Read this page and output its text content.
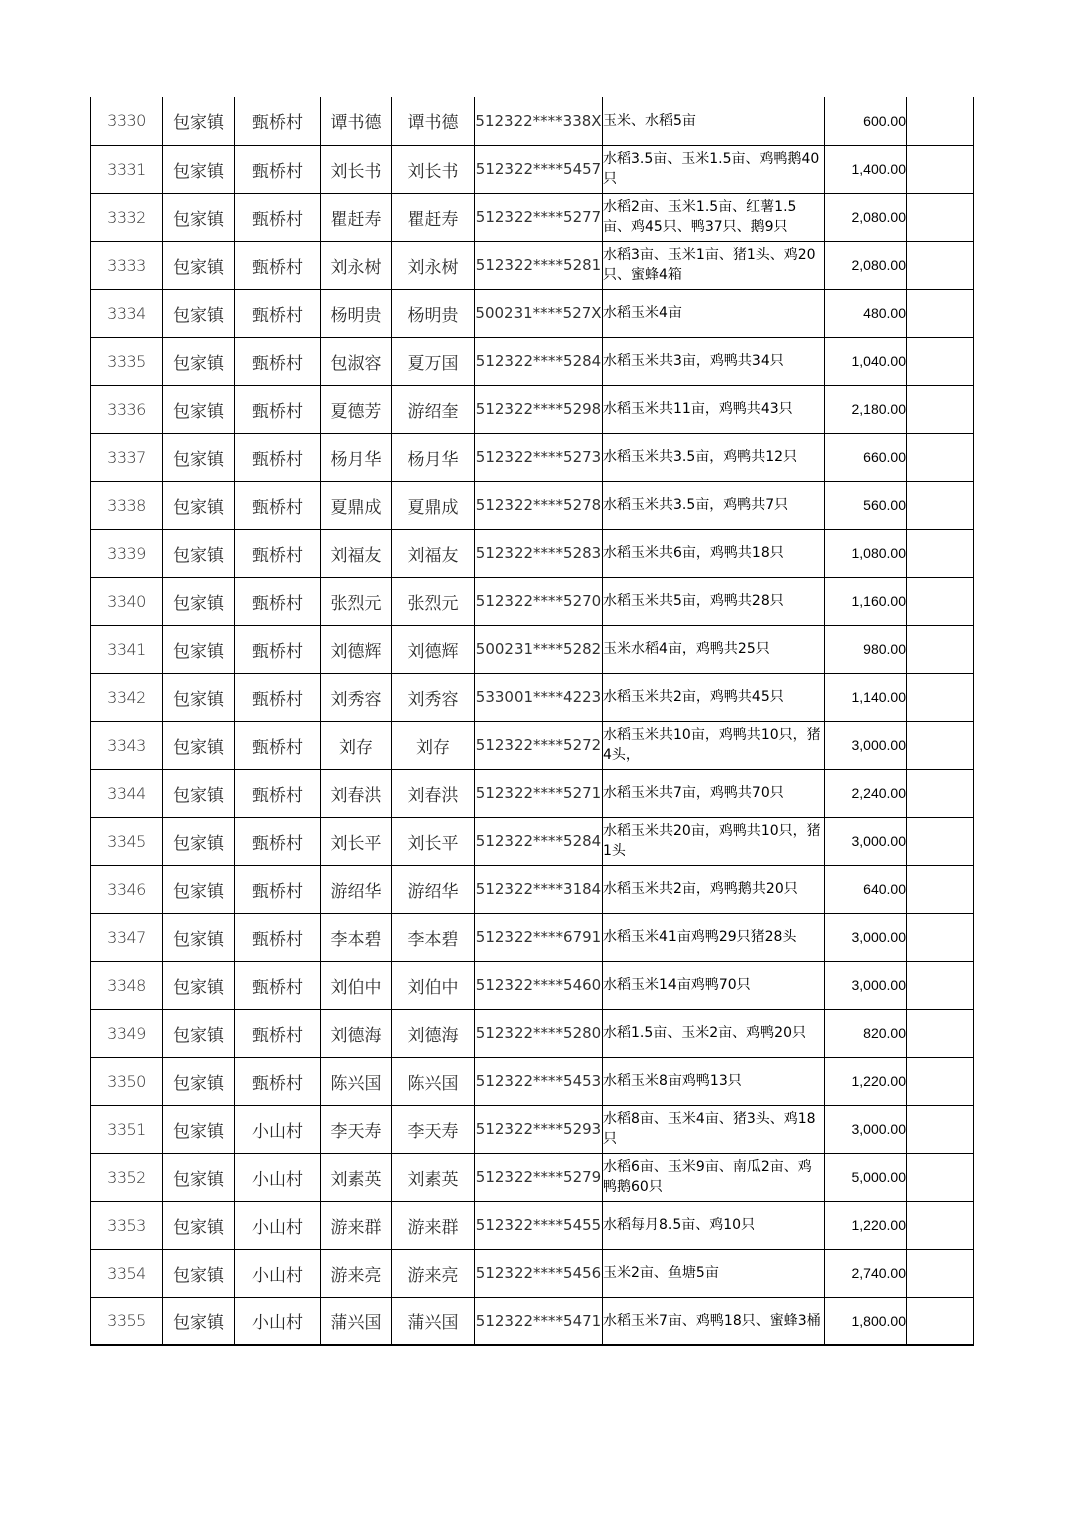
3330	包家镇	甄桥村	谭书德	谭书德	512322****338X	玉米、水稻5亩	600.00	
3331	包家镇	甄桥村	刘长书	刘长书	512322****5457	水稻3.5亩、玉米1.5亩、鸡鸭鹅40只	1,400.00	
3332	包家镇	甄桥村	瞿赶寿	瞿赶寿	512322****5277	水稻2亩、玉米1.5亩、红薯1.5亩、鸡45只、鸭37只、鹅9只	2,080.00	
3333	包家镇	甄桥村	刘永树	刘永树	512322****5281	水稻3亩、玉米1亩、猪1头、鸡20只、蜜蜂4箱	2,080.00	
3334	包家镇	甄桥村	杨明贵	杨明贵	500231****527X	水稻玉米4亩	480.00	
3335	包家镇	甄桥村	包淑容	夏万国	512322****5284	水稻玉米共3亩，鸡鸭共34只	1,040.00	
3336	包家镇	甄桥村	夏德芳	游绍奎	512322****5298	水稻玉米共11亩，鸡鸭共43只	2,180.00	
3337	包家镇	甄桥村	杨月华	杨月华	512322****5273	水稻玉米共3.5亩，鸡鸭共12只	660.00	
3338	包家镇	甄桥村	夏鼎成	夏鼎成	512322****5278	水稻玉米共3.5亩，鸡鸭共7只	560.00	
3339	包家镇	甄桥村	刘福友	刘福友	512322****5283	水稻玉米共6亩，鸡鸭共18只	1,080.00	
3340	包家镇	甄桥村	张烈元	张烈元	512322****5270	水稻玉米共5亩，鸡鸭共28只	1,160.00	
3341	包家镇	甄桥村	刘德辉	刘德辉	500231****5282	玉米水稻4亩，鸡鸭共25只	980.00	
3342	包家镇	甄桥村	刘秀容	刘秀容	533001****4223	水稻玉米共2亩，鸡鸭共45只	1,140.00	
3343	包家镇	甄桥村	刘存	刘存	512322****5272	水稻玉米共10亩，鸡鸭共10只，猪4头，	3,000.00	
3344	包家镇	甄桥村	刘春洪	刘春洪	512322****5271	水稻玉米共7亩，鸡鸭共70只	2,240.00	
3345	包家镇	甄桥村	刘长平	刘长平	512322****5284	水稻玉米共20亩，鸡鸭共10只，猪1头	3,000.00	
3346	包家镇	甄桥村	游绍华	游绍华	512322****3184	水稻玉米共2亩，鸡鸭鹅共20只	640.00	
3347	包家镇	甄桥村	李本碧	李本碧	512322****6791	水稻玉米41亩鸡鸭29只猪28头	3,000.00	
3348	包家镇	甄桥村	刘伯中	刘伯中	512322****5460	水稻玉米14亩鸡鸭70只	3,000.00	
3349	包家镇	甄桥村	刘德海	刘德海	512322****5280	水稻1.5亩、玉米2亩、鸡鸭20只	820.00	
3350	包家镇	甄桥村	陈兴国	陈兴国	512322****5453	水稻玉米8亩鸡鸭13只	1,220.00	
3351	包家镇	小山村	李天寿	李天寿	512322****5293	水稻8亩、玉米4亩、猪3头、鸡18只	3,000.00	
3352	包家镇	小山村	刘素英	刘素英	512322****5279	水稻6亩、玉米9亩、南瓜2亩、鸡鸭鹅60只	5,000.00	
3353	包家镇	小山村	游来群	游来群	512322****5455	水稻每月8.5亩、鸡10只	1,220.00	
3354	包家镇	小山村	游来亮	游来亮	512322****5456	玉米2亩、鱼塘5亩	2,740.00	
3355	包家镇	小山村	蒲兴国	蒲兴国	512322****5471	水稻玉米7亩、鸡鸭18只、蜜蜂3桶	1,800.00	
